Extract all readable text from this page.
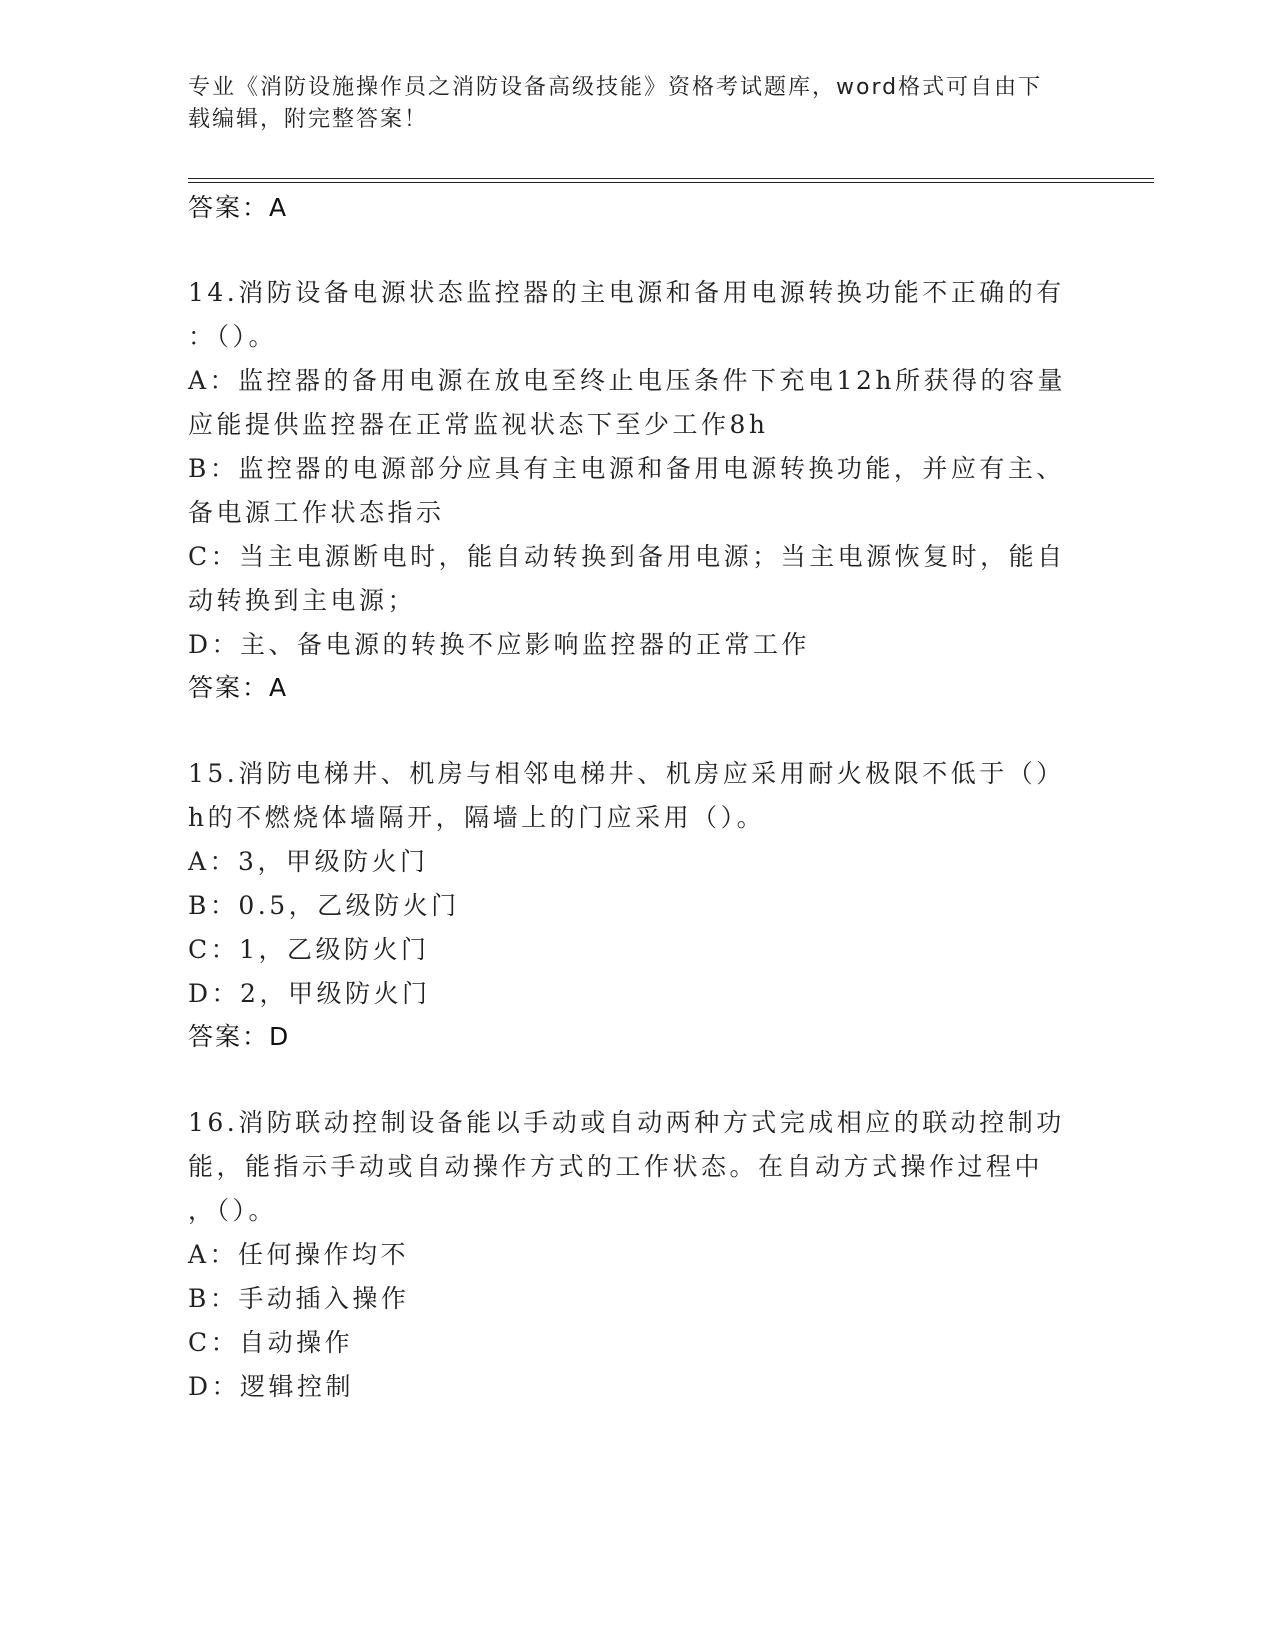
专业《消防设施操作员之消防设备高级技能》资格考试题库，word格式可自由下
载编辑，附完整答案！
答案：A
14.消防设备电源状态监控器的主电源和备用电源转换功能不正确的有
：（）。
A：监控器的备用电源在放电至终止电压条件下充电12h所获得的容量
应能提供监控器在正常监视状态下至少工作8h
B：监控器的电源部分应具有主电源和备用电源转换功能，并应有主、
备电源工作状态指示
C：当主电源断电时，能自动转换到备用电源；当主电源恢复时，能自
动转换到主电源；
D：主、备电源的转换不应影响监控器的正常工作
答案：A
15.消防电梯井、机房与相邻电梯井、机房应采用耐火极限不低于（）
h的不燃烧体墙隔开，隔墙上的门应采用（）。
A：3，甲级防火门
B：0.5，乙级防火门
C：1，乙级防火门
D：2，甲级防火门
答案：D
16.消防联动控制设备能以手动或自动两种方式完成相应的联动控制功
能，能指示手动或自动操作方式的工作状态。在自动方式操作过程中
，（）。
A：任何操作均不
B：手动插入操作
C：自动操作
D：逻辑控制
